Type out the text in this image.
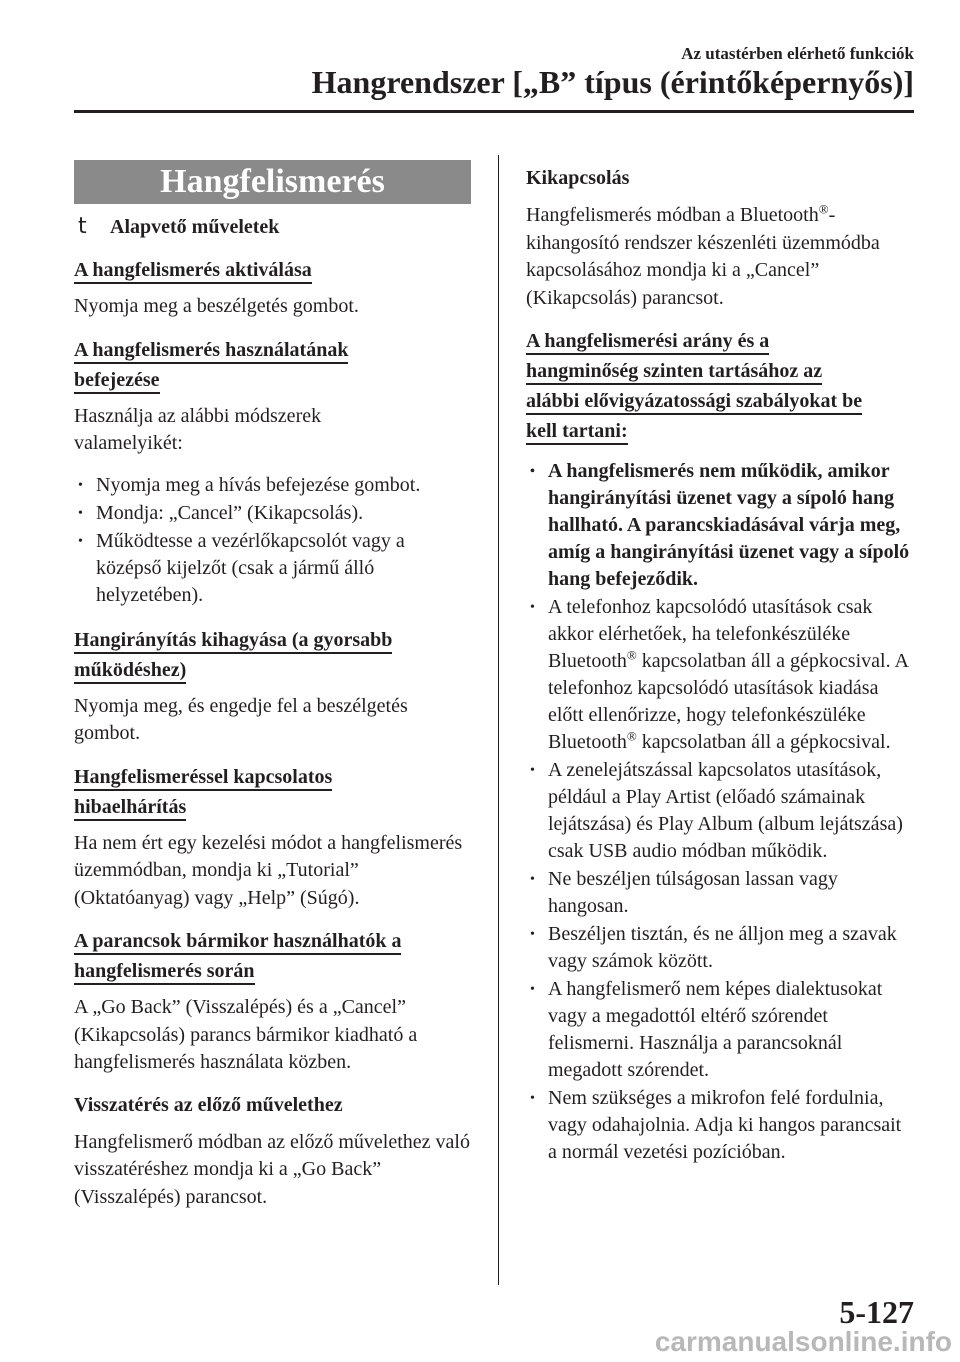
Az utastérben elérhető funkciók
Hangrendszer [„B” típus (érintőképernyős)]
Hangfelismerés
t	Alapvető műveletek
A hangfelismerés aktiválása

Nyomja meg a beszélgetés gombot.

A hangfelismerés használatának
befejezése

Használja az alábbi módszerek
valamelyikét:

• Nyomja meg a hívás befejezése gombot.
• Mondja: „Cancel” (Kikapcsolás).
• Működtesse a vezérlőkapcsolót vagy a középső kijelzőt (csak a jármű álló helyzetében).
Hangirányítás kihagyása (a gyorsabb
működéshez)

Nyomja meg, és engedje fel a beszélgetés gombot.

Hangfelismeréssel kapcsolatos
hibaelhárítás

Ha nem ért egy kezelési módot a hangfelismerés üzemmódban, mondja ki „Tutorial” (Oktatóanyag) vagy „Help” (Súgó).

A parancsok bármikor használhatók a
hangfelismerés során

A „Go Back” (Visszalépés) és a „Cancel” (Kikapcsolás) parancs bármikor kiadható a hangfelismerés használata közben.

Visszatérés az előző művelethez

Hangfelismerő módban az előző művelethez való visszatéréshez mondja ki a „Go Back” (Visszalépés) parancsot.

Kikapcsolás

Hangfelismerés módban a Bluetooth®-kihangosító rendszer készenléti üzemmódba kapcsolásához mondja ki a „Cancel” (Kikapcsolás) parancsot.

A hangfelismerési arány és a
hangminőség szinten tartásához az
alábbi elővigyázatossági szabályokat be
kell tartani:
• A hangfelismerés nem működik, amikor hangirányítási üzenet vagy a sípoló hang hallható. A parancskiadásával várja meg, amíg a hangirányítási üzenet vagy a sípoló hang befejeződik.
• A telefonhoz kapcsolódó utasítások csak akkor elérhetőek, ha telefonkészüléke Bluetooth® kapcsolatban áll a gépkocsival. A telefonhoz kapcsolódó utasítások kiadása előtt ellenőrizze, hogy telefonkészüléke Bluetooth® kapcsolatban áll a gépkocsival.
• A zenelejátszással kapcsolatos utasítások, például a Play Artist (előadó számainak lejátszása) és Play Album (album lejátszása) csak USB audio módban működik.
• Ne beszéljen túlságosan lassan vagy hangosan.
• Beszéljen tisztán, és ne álljon meg a szavak vagy számok között.
• A hangfelismerő nem képes dialektusokat vagy a megadottól eltérő szórendet felismerni. Használja a parancsoknál megadott szórendet.
• Nem szükséges a mikrofon felé fordulnia, vagy odahajolnia. Adja ki hangos parancsait a normál vezetési pozícióban.
5-127
carmanualsonline.info
